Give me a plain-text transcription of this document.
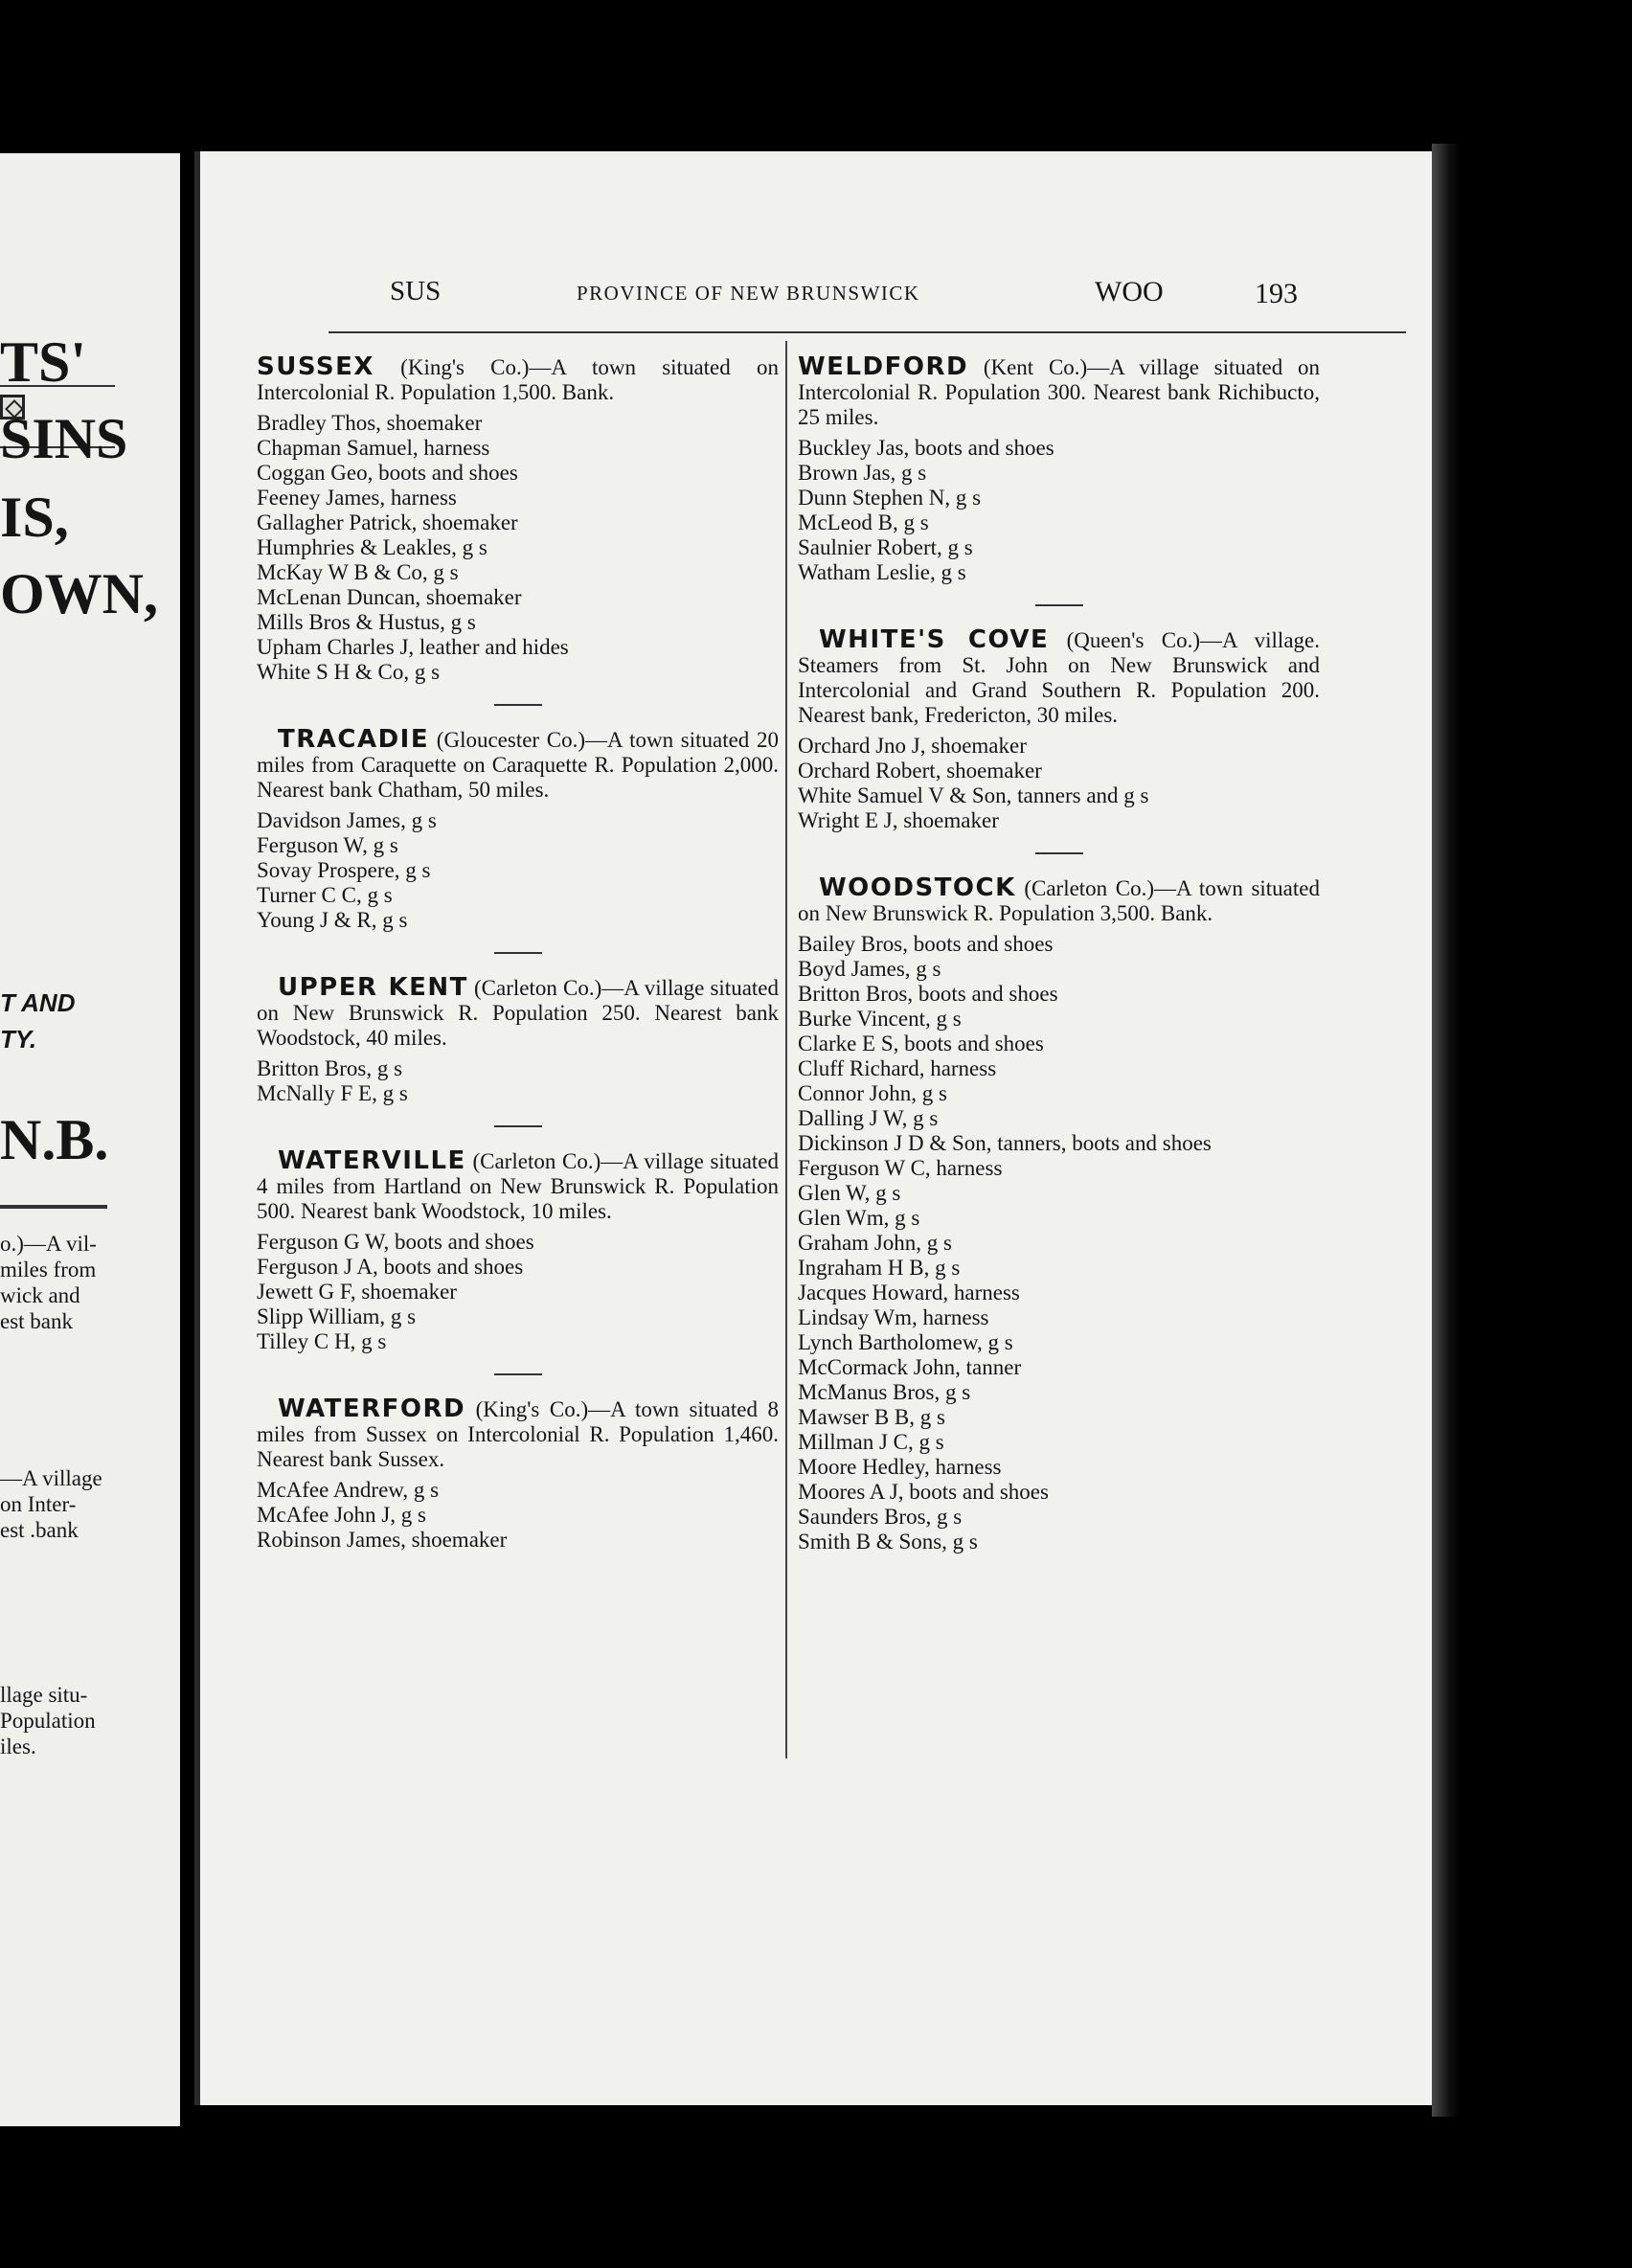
TS'
SINS
IS,
OWN,
T AND
TY.
N.B.
o.)—A vil-
miles from
wick and
est bank
—A village
on Inter-
est .bank
llage situ-
Population
iles.
SUS	PROVINCE OF NEW BRUNSWICK	WOO	193
SUSSEX (King's Co.)—A town situated on Intercolonial R. Population 1,500. Bank.
Bradley Thos, shoemaker
Chapman Samuel, harness
Coggan Geo, boots and shoes
Feeney James, harness
Gallagher Patrick, shoemaker
Humphries & Leakles, g s
McKay W B & Co, g s
McLenan Duncan, shoemaker
Mills Bros & Hustus, g s
Upham Charles J, leather and hides
White S H & Co, g s
TRACADIE (Gloucester Co.)—A town situated 20 miles from Caraquette on Caraquette R. Population 2,000. Nearest bank Chatham, 50 miles.
Davidson James, g s
Ferguson W, g s
Sovay Prospere, g s
Turner C C, g s
Young J & R, g s
UPPER KENT (Carleton Co.)—A village situated on New Brunswick R. Population 250. Nearest bank Woodstock, 40 miles.
Britton Bros, g s
McNally F E, g s
WATERVILLE (Carleton Co.)—A village situated 4 miles from Hartland on New Brunswick R. Population 500. Nearest bank Woodstock, 10 miles.
Ferguson G W, boots and shoes
Ferguson J A, boots and shoes
Jewett G F, shoemaker
Slipp William, g s
Tilley C H, g s
WATERFORD (King's Co.)—A town situated 8 miles from Sussex on Intercolonial R. Population 1,460. Nearest bank Sussex.
McAfee Andrew, g s
McAfee John J, g s
Robinson James, shoemaker
WELDFORD (Kent Co.)—A village situated on Intercolonial R. Population 300. Nearest bank Richibucto, 25 miles.
Buckley Jas, boots and shoes
Brown Jas, g s
Dunn Stephen N, g s
McLeod B, g s
Saulnier Robert, g s
Watham Leslie, g s
WHITE'S COVE (Queen's Co.)—A village. Steamers from St. John on New Brunswick and Intercolonial and Grand Southern R. Population 200. Nearest bank, Fredericton, 30 miles.
Orchard Jno J, shoemaker
Orchard Robert, shoemaker
White Samuel V & Son, tanners and g s
Wright E J, shoemaker
WOODSTOCK (Carleton Co.)—A town situated on New Brunswick R. Population 3,500. Bank.
Bailey Bros, boots and shoes
Boyd James, g s
Britton Bros, boots and shoes
Burke Vincent, g s
Clarke E S, boots and shoes
Cluff Richard, harness
Connor John, g s
Dalling J W, g s
Dickinson J D & Son, tanners, boots and shoes
Ferguson W C, harness
Glen W, g s
Glen Wm, g s
Graham John, g s
Ingraham H B, g s
Jacques Howard, harness
Lindsay Wm, harness
Lynch Bartholomew, g s
McCormack John, tanner
McManus Bros, g s
Mawser B B, g s
Millman J C, g s
Moore Hedley, harness
Moores A J, boots and shoes
Saunders Bros, g s
Smith B & Sons, g s
